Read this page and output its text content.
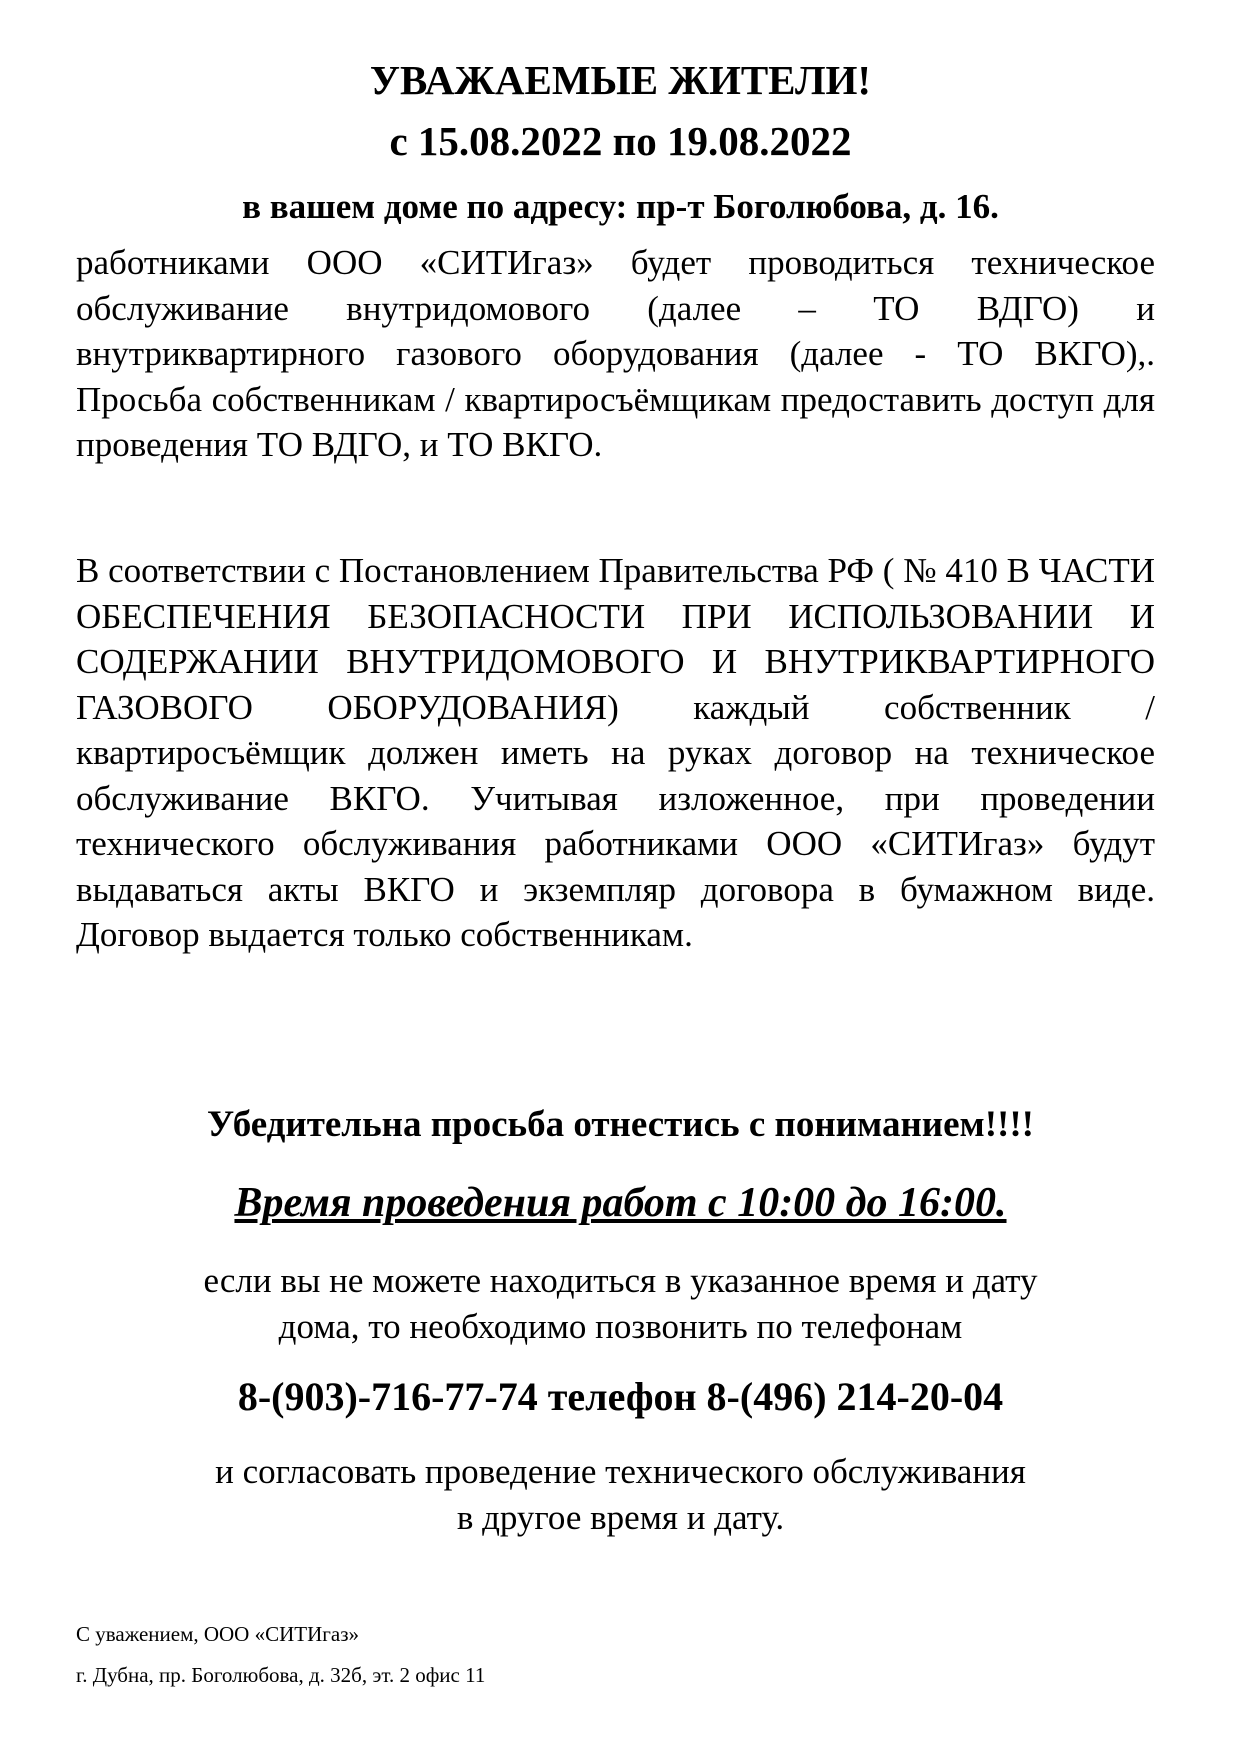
УВАЖАЕМЫЕ ЖИТЕЛИ!
с 15.08.2022 по 19.08.2022
в вашем доме по адресу: пр-т Боголюбова, д. 16.
работниками ООО «СИТИгаз» будет проводиться техническое обслуживание внутридомового (далее – ТО ВДГО) и внутриквартирного газового оборудования (далее - ТО ВКГО),. Просьба собственникам / квартиросъёмщикам предоставить доступ для проведения ТО ВДГО, и ТО ВКГО.
В соответствии с Постановлением Правительства РФ ( № 410 В ЧАСТИ ОБЕСПЕЧЕНИЯ БЕЗОПАСНОСТИ ПРИ ИСПОЛЬЗОВАНИИ И СОДЕРЖАНИИ ВНУТРИДОМОВОГО И ВНУТРИКВАРТИРНОГО ГАЗОВОГО ОБОРУДОВАНИЯ) каждый собственник / квартиросъёмщик должен иметь на руках договор на техническое обслуживание ВКГО. Учитывая изложенное, при проведении технического обслуживания работниками ООО «СИТИгаз» будут выдаваться акты ВКГО и экземпляр договора в бумажном виде. Договор выдается только собственникам.
Убедительна просьба отнестись с пониманием!!!!
Время проведения работ с 10:00 до 16:00.
если вы не можете находиться в указанное время и дату
дома, то необходимо позвонить по телефонам
8-(903)-716-77-74 телефон 8-(496) 214-20-04
и согласовать проведение технического обслуживания
в другое время и дату.
С уважением, ООО «СИТИгаз»
г. Дубна, пр. Боголюбова, д. 32б, эт. 2 офис 11
